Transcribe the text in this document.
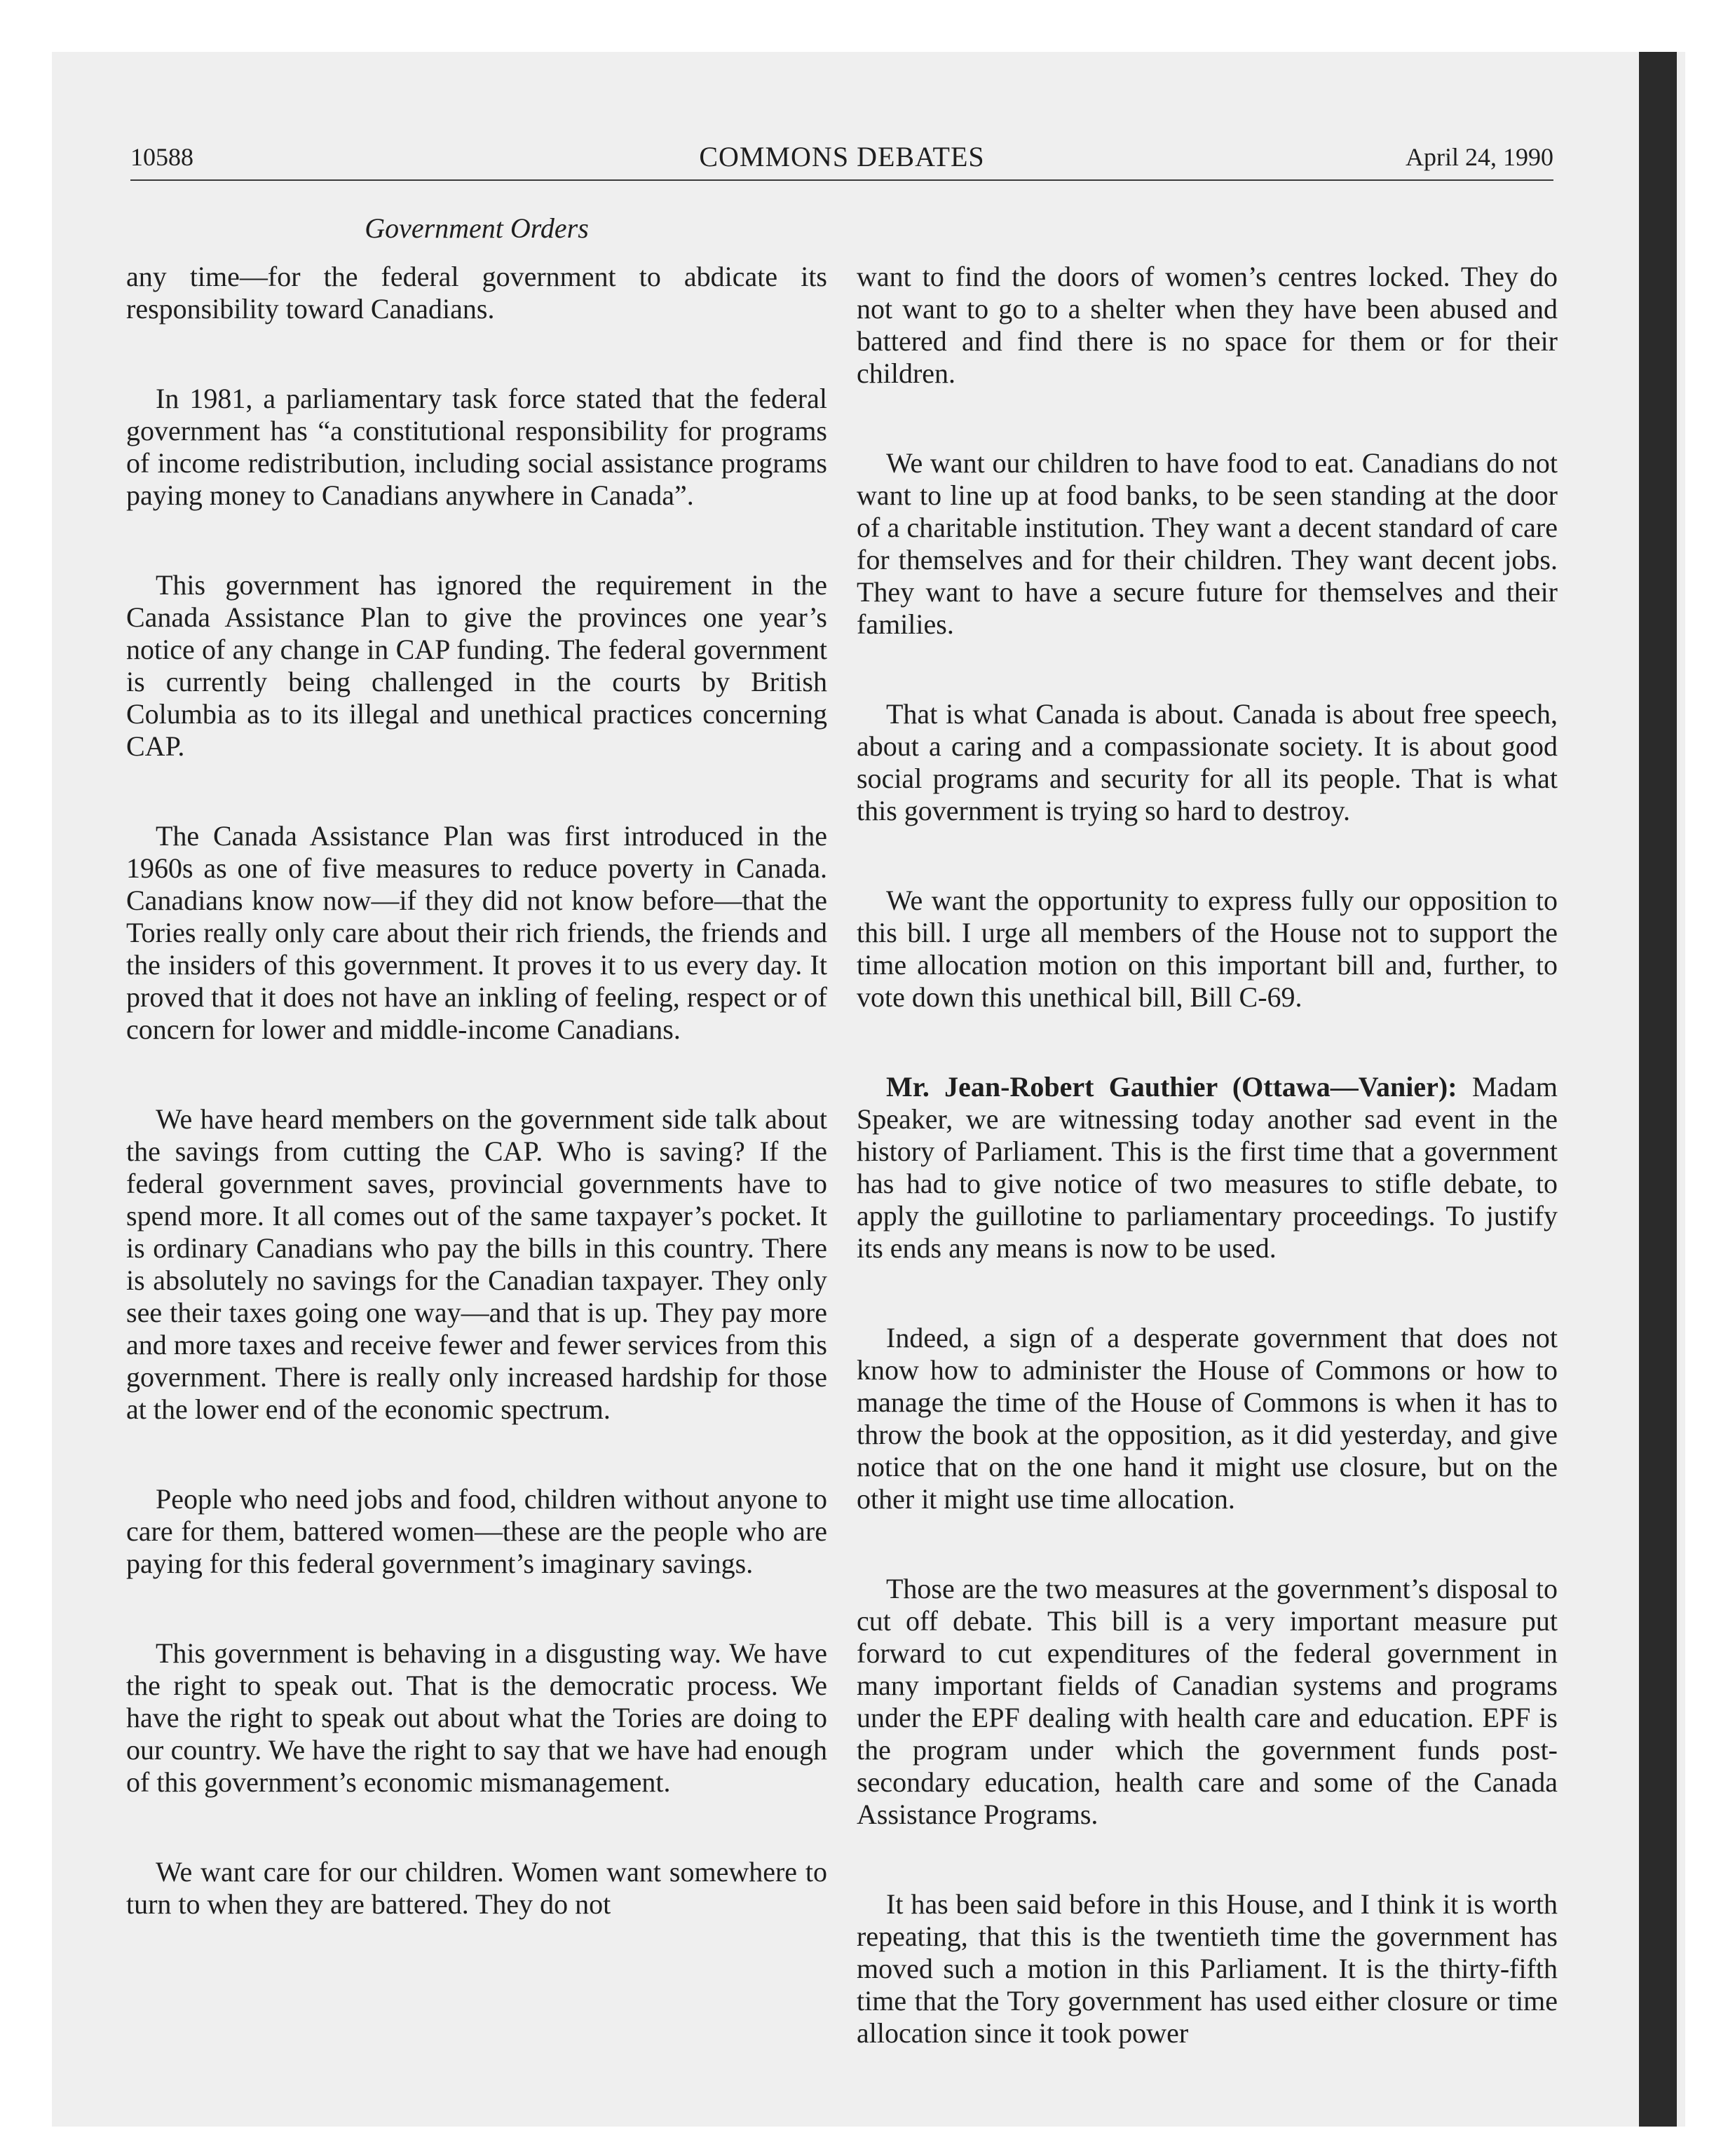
10588	COMMONS DEBATES	April 24, 1990
Government Orders

any time—for the federal government to abdicate its responsibility toward Canadians.

In 1981, a parliamentary task force stated that the federal government has “a constitutional responsibility for programs of income redistribution, including social assistance programs paying money to Canadians anywhere in Canada”.

This government has ignored the requirement in the Canada Assistance Plan to give the provinces one year’s notice of any change in CAP funding. The federal government is currently being challenged in the courts by British Columbia as to its illegal and unethical practices concerning CAP.

The Canada Assistance Plan was first introduced in the 1960s as one of five measures to reduce poverty in Canada. Canadians know now—if they did not know before—that the Tories really only care about their rich friends, the friends and the insiders of this government. It proves it to us every day. It proved that it does not have an inkling of feeling, respect or of concern for lower and middle-income Canadians.

We have heard members on the government side talk about the savings from cutting the CAP. Who is saving? If the federal government saves, provincial governments have to spend more. It all comes out of the same taxpayer’s pocket. It is ordinary Canadians who pay the bills in this country. There is absolutely no savings for the Canadian taxpayer. They only see their taxes going one way—and that is up. They pay more and more taxes and receive fewer and fewer services from this government. There is really only increased hardship for those at the lower end of the economic spectrum.

People who need jobs and food, children without anyone to care for them, battered women—these are the people who are paying for this federal government’s imaginary savings.

This government is behaving in a disgusting way. We have the right to speak out. That is the democratic process. We have the right to speak out about what the Tories are doing to our country. We have the right to say that we have had enough of this government’s economic mismanagement.

We want care for our children. Women want somewhere to turn to when they are battered. They do not

want to find the doors of women’s centres locked. They do not want to go to a shelter when they have been abused and battered and find there is no space for them or for their children.

We want our children to have food to eat. Canadians do not want to line up at food banks, to be seen standing at the door of a charitable institution. They want a decent standard of care for themselves and for their children. They want decent jobs. They want to have a secure future for themselves and their families.

That is what Canada is about. Canada is about free speech, about a caring and a compassionate society. It is about good social programs and security for all its people. That is what this government is trying so hard to destroy.

We want the opportunity to express fully our opposition to this bill. I urge all members of the House not to support the time allocation motion on this important bill and, further, to vote down this unethical bill, Bill C-69.

Mr. Jean-Robert Gauthier (Ottawa—Vanier): Madam Speaker, we are witnessing today another sad event in the history of Parliament. This is the first time that a government has had to give notice of two measures to stifle debate, to apply the guillotine to parliamentary proceedings. To justify its ends any means is now to be used.

Indeed, a sign of a desperate government that does not know how to administer the House of Commons or how to manage the time of the House of Commons is when it has to throw the book at the opposition, as it did yesterday, and give notice that on the one hand it might use closure, but on the other it might use time allocation.

Those are the two measures at the government’s disposal to cut off debate. This bill is a very important measure put forward to cut expenditures of the federal government in many important fields of Canadian systems and programs under the EPF dealing with health care and education. EPF is the program under which the government funds post-secondary education, health care and some of the Canada Assistance Programs.

It has been said before in this House, and I think it is worth repeating, that this is the twentieth time the government has moved such a motion in this Parliament. It is the thirty-fifth time that the Tory government has used either closure or time allocation since it took power
